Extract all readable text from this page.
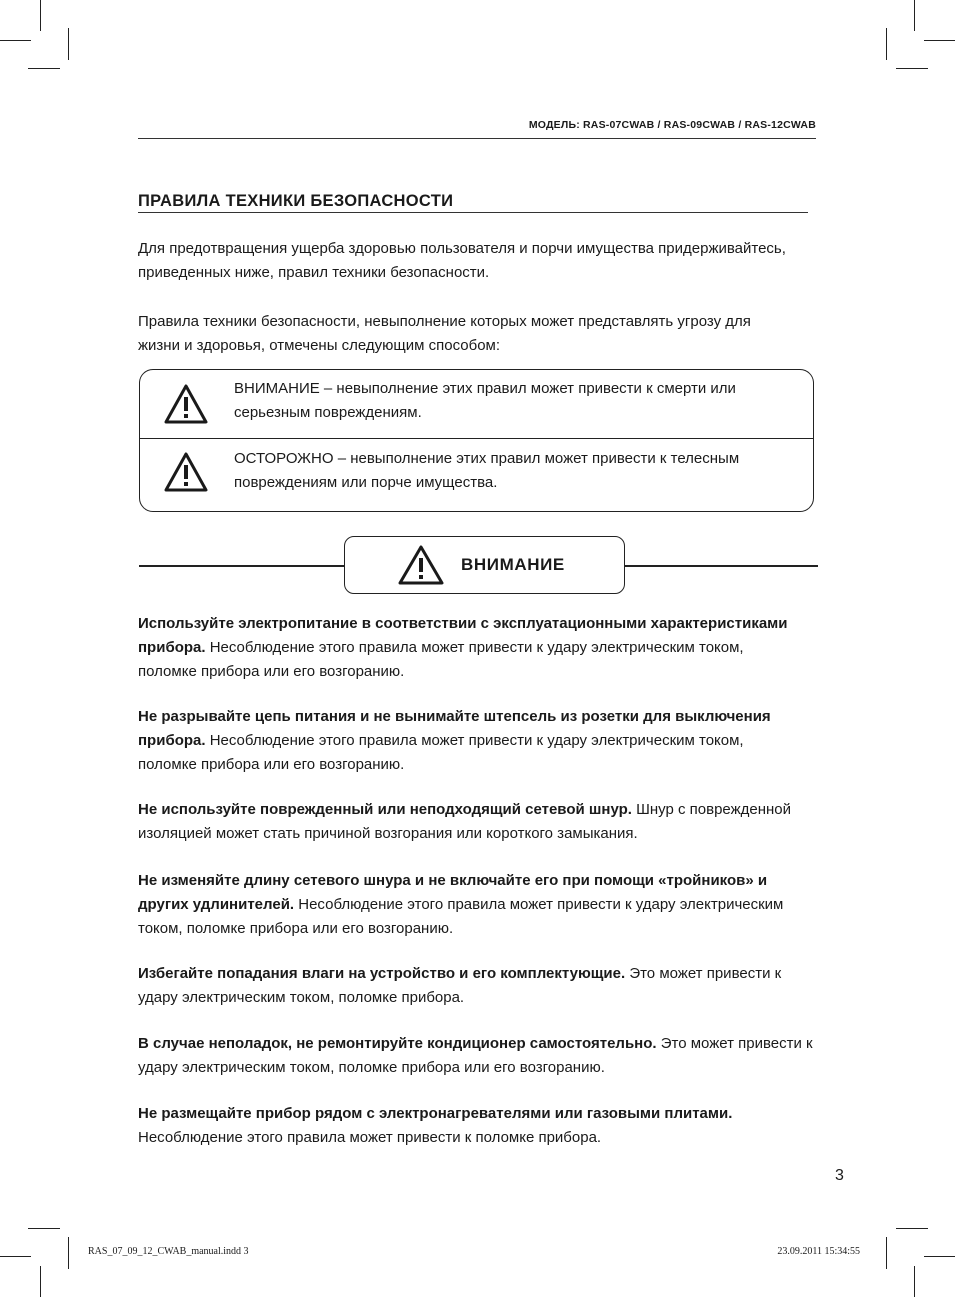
МОДЕЛЬ: RAS-07CWAB / RAS-09CWAB / RAS-12CWAB
ПРАВИЛА ТЕХНИКИ БЕЗОПАСНОСТИ
Для предотвращения ущерба здоровью пользователя и порчи имущества придерживайтесь,
приведенных ниже, правил техники безопасности.
Правила техники безопасности, невыполнение которых может представлять угрозу для
жизни и здоровья, отмечены следующим способом:
ВНИМАНИЕ – невыполнение этих правил может привести к смерти или
серьезным повреждениям.
ОСТОРОЖНО – невыполнение этих правил может привести к телесным
повреждениям или порче имущества.
ВНИМАНИЕ
Используйте электропитание в соответствии с эксплуатационными характеристиками
прибора. Несоблюдение этого правила может привести к удару электрическим током,
поломке прибора или его возгоранию.
Не разрывайте цепь питания и не вынимайте штепсель из розетки для выключения
прибора. Несоблюдение этого правила может привести к удару электрическим током,
поломке прибора или его возгоранию.
Не используйте поврежденный или неподходящий сетевой шнур. Шнур с поврежденной
изоляцией может стать причиной возгорания или короткого замыкания.
Не изменяйте длину сетевого шнура и не включайте его при помощи «тройников» и
других удлинителей. Несоблюдение этого правила может привести к удару электрическим
током, поломке прибора или его возгоранию.
Избегайте попадания влаги на устройство и его комплектующие. Это может привести к
удару электрическим током, поломке прибора.
В случае неполадок, не ремонтируйте кондиционер самостоятельно. Это может привести к
удару электрическим током, поломке прибора или его возгоранию.
Не размещайте прибор рядом с электронагревателями или газовыми плитами.
Несоблюдение этого правила может привести к поломке прибора.
3
RAS_07_09_12_CWAB_manual.indd 3	23.09.2011 15:34:55
